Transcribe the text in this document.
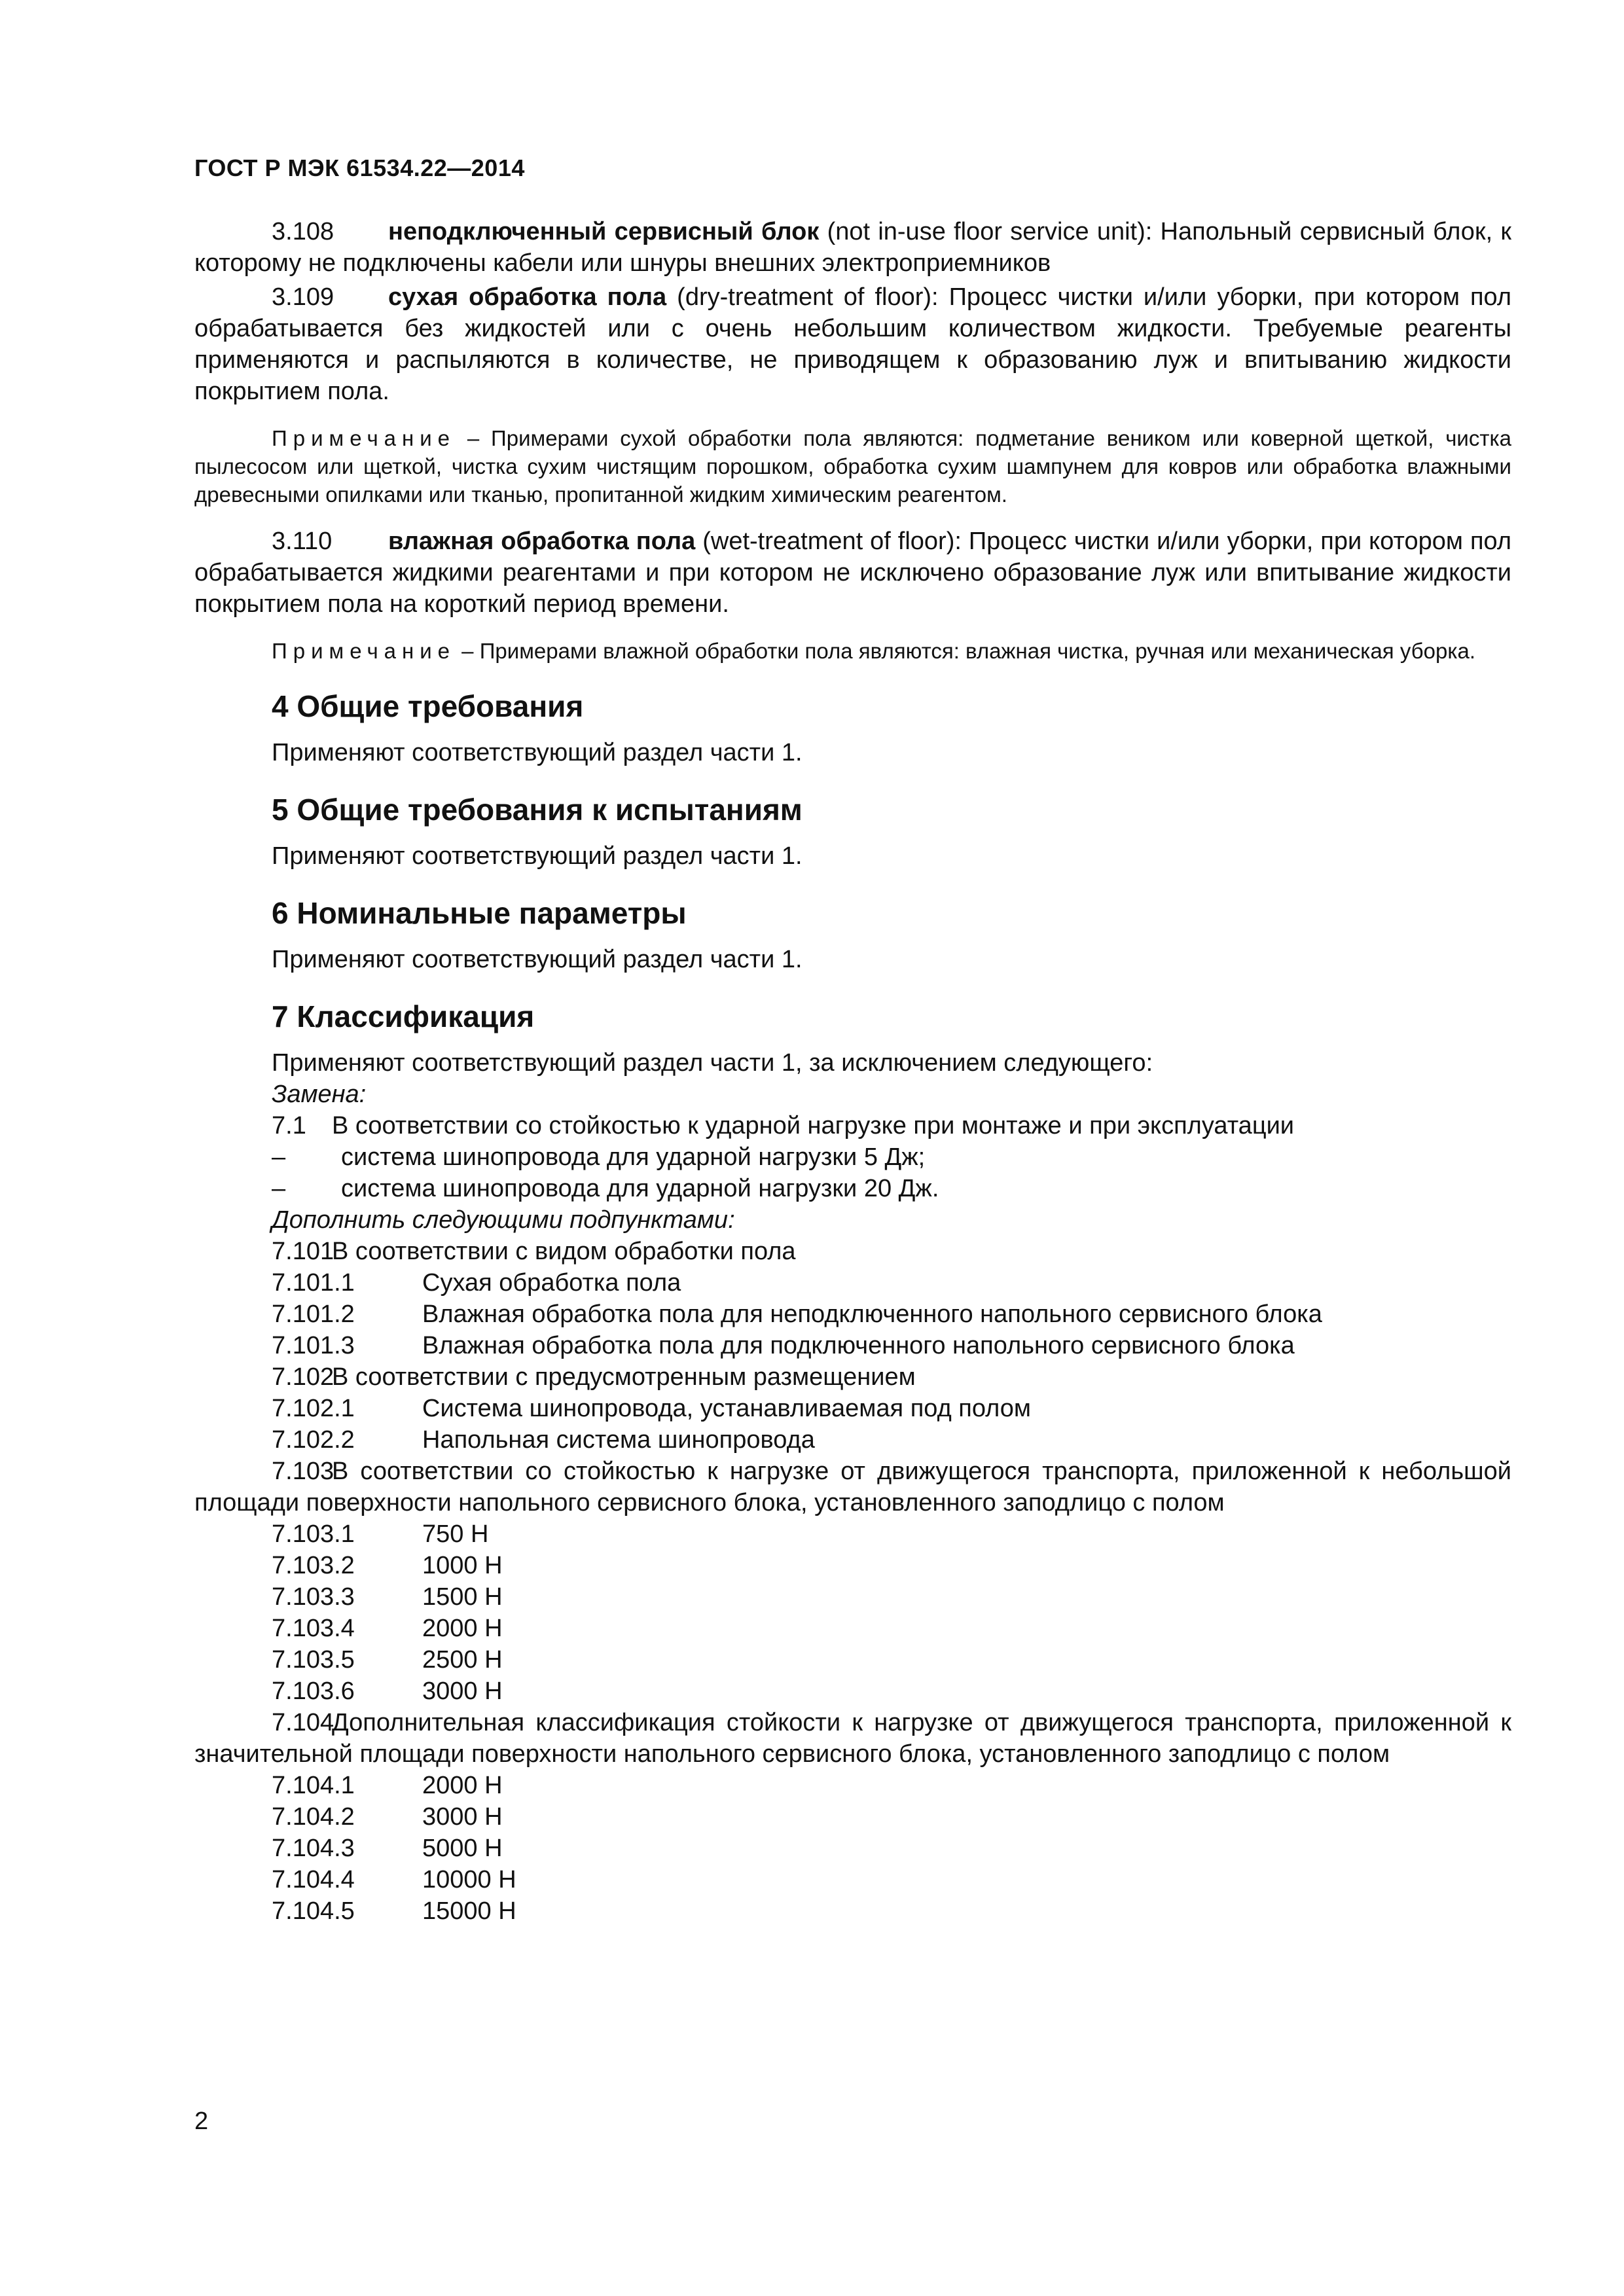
ГОСТ Р МЭК 61534.22—2014

3.108 неподключенный сервисный блок (not in-use floor service unit): Напольный сервисный блок, к которому не подключены кабели или шнуры внешних электроприемников

3.109 сухая обработка пола (dry-treatment of floor): Процесс чистки и/или уборки, при котором пол обрабатывается без жидкостей или с очень небольшим количеством жидкости. Требуемые реагенты применяются и распыляются в количестве, не приводящем к образованию луж и впитыванию жидкости покрытием пола.

Примечание – Примерами сухой обработки пола являются: подметание веником или коверной щеткой, чистка пылесосом или щеткой, чистка сухим чистящим порошком, обработка сухим шампунем для ковров или обработка влажными древесными опилками или тканью, пропитанной жидким химическим реагентом.

3.110 влажная обработка пола (wet-treatment of floor): Процесс чистки и/или уборки, при котором пол обрабатывается жидкими реагентами и при котором не исключено образование луж или впитывание жидкости покрытием пола на короткий период времени.

Примечание – Примерами влажной обработки пола являются: влажная чистка, ручная или механическая уборка.

4 Общие требования

Применяют соответствующий раздел части 1.

5 Общие требования к испытаниям

Применяют соответствующий раздел части 1.

6 Номинальные параметры

Применяют соответствующий раздел части 1.

7 Классификация
Применяют соответствующий раздел части 1, за исключением следующего:
Замена:
7.1	В соответствии со стойкостью к ударной нагрузке при монтаже и при эксплуатации
–	система шинопровода для ударной нагрузки 5 Дж;
–	система шинопровода для ударной нагрузки 20 Дж.
Дополнить следующими подпунктами:
7.101
В соответствии с видом обработки пола
7.101.1	Сухая обработка пола
7.101.2	Влажная обработка пола для неподключенного напольного сервисного блока
7.101.3	Влажная обработка пола для подключенного напольного сервисного блока
7.102
В соответствии с предусмотренным размещением
7.102.1	Система шинопровода, устанавливаемая под полом
7.102.2	Напольная система шинопровода
7.103В соответствии со стойкостью к нагрузке от движущегося транспорта, приложенной к небольшой площади поверхности напольного сервисного блока, установленного заподлицо с полом
7.103.1	750 Н
7.103.2	1000 Н
7.103.3	1500 Н
7.103.4	2000 Н
7.103.5	2500 Н
7.103.6	3000 Н
7.104Дополнительная классификация стойкости к нагрузке от движущегося транспорта, приложенной к значительной площади поверхности напольного сервисного блока, установленного заподлицо с полом
7.104.1	2000 Н
7.104.2	3000 Н
7.104.3	5000 Н
7.104.4	10000 Н
7.104.5	15000 Н
2
